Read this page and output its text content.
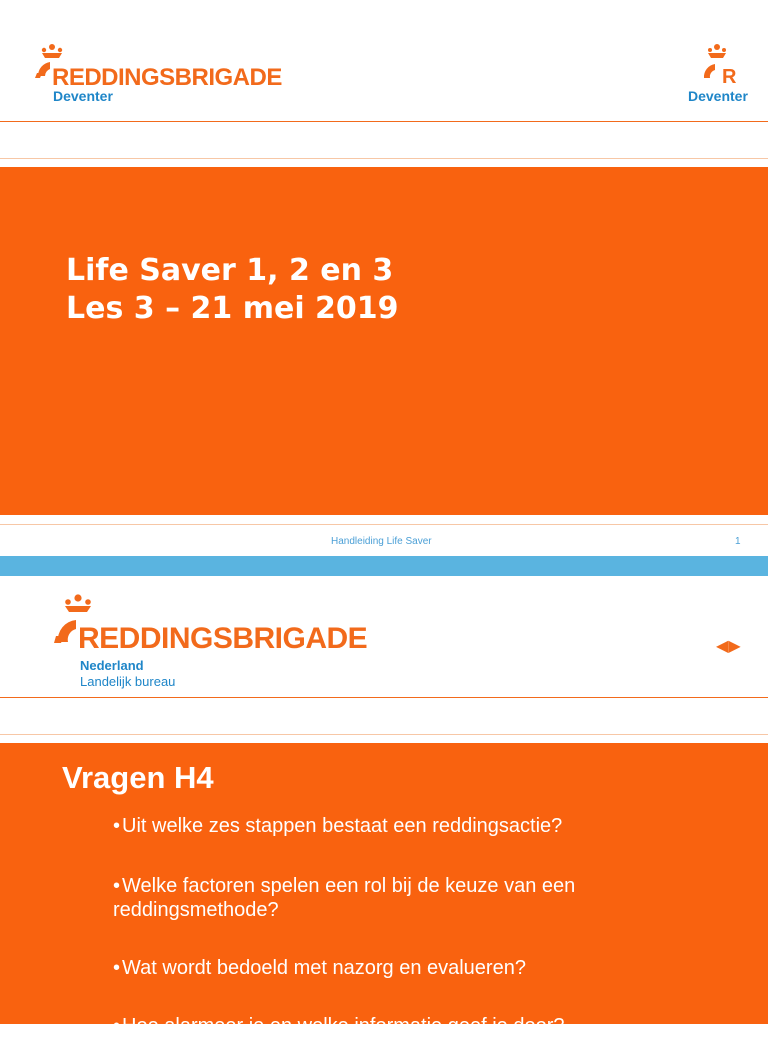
REDDINGSBRIGADE
Deventer
R
Deventer
Life Saver 1, 2 en 3
Les 3 – 21 mei 2019
Handleiding Life Saver	1
REDDINGSBRIGADE
Nederland
Landelijk bureau
◀▶
Vragen H4
• Uit welke zes stappen bestaat een reddingsactie?
• Welke factoren spelen een rol bij de keuze van een reddingsmethode?
• Wat wordt bedoeld met nazorg en evalueren?
• Hoe alarmeer je en welke informatie geef je door?
